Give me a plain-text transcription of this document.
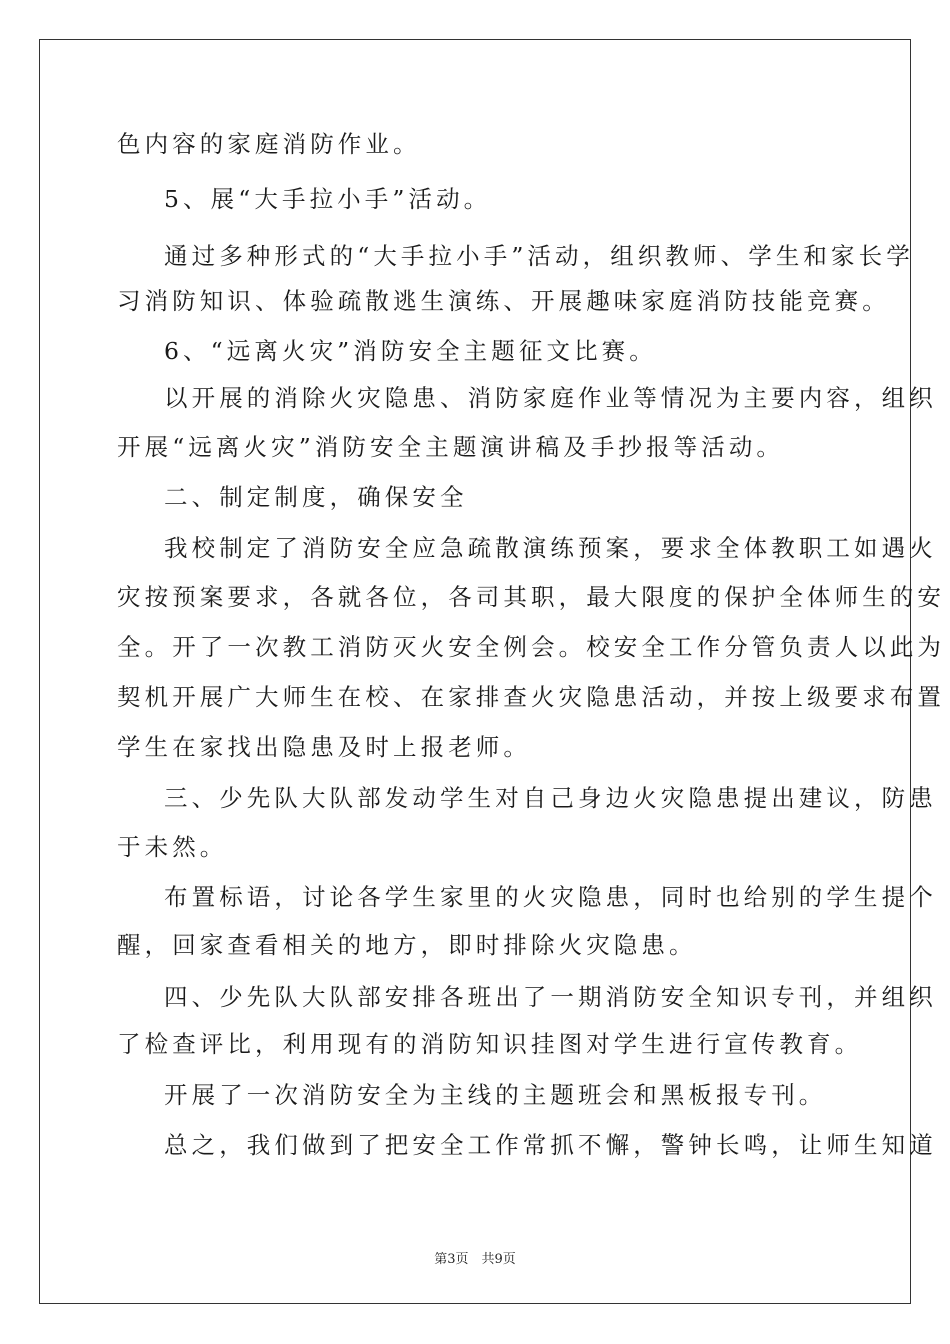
色内容的家庭消防作业。
5、展“大手拉小手”活动。
通过多种形式的“大手拉小手”活动，组织教师、学生和家长学
习消防知识、体验疏散逃生演练、开展趣味家庭消防技能竞赛。
6、“远离火灾”消防安全主题征文比赛。
以开展的消除火灾隐患、消防家庭作业等情况为主要内容，组织
开展“远离火灾”消防安全主题演讲稿及手抄报等活动。
二、制定制度，确保安全
我校制定了消防安全应急疏散演练预案，要求全体教职工如遇火
灾按预案要求，各就各位，各司其职，最大限度的保护全体师生的安
全。开了一次教工消防灭火安全例会。校安全工作分管负责人以此为
契机开展广大师生在校、在家排查火灾隐患活动，并按上级要求布置
学生在家找出隐患及时上报老师。
三、少先队大队部发动学生对自己身边火灾隐患提出建议，防患
于未然。
布置标语，讨论各学生家里的火灾隐患，同时也给别的学生提个
醒，回家查看相关的地方，即时排除火灾隐患。
四、少先队大队部安排各班出了一期消防安全知识专刊，并组织
了检查评比，利用现有的消防知识挂图对学生进行宣传教育。
开展了一次消防安全为主线的主题班会和黑板报专刊。
总之，我们做到了把安全工作常抓不懈，警钟长鸣，让师生知道
第3页　共9页
